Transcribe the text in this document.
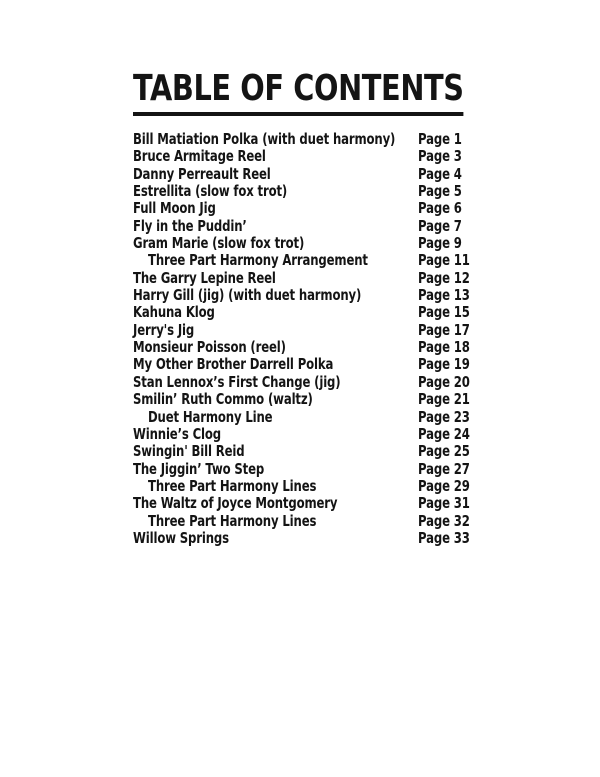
TABLE OF CONTENTS
Bill Matiation Polka (with duet harmony) Page 1
Bruce Armitage Reel	Page 3
Danny Perreault Reel	Page 4
Estrellita (slow fox trot)	Page 5
Full Moon Jig	Page 6
Fly in the Puddin’	Page 7
Gram Marie (slow fox trot)	Page 9
Three Part Harmony Arrangement	Page 11
The Garry Lepine Reel	Page 12
Harry Gill (jig) (with duet harmony)	Page 13
Kahuna Klog	Page 15
Jerry's Jig	Page 17
Monsieur Poisson (reel)	Page 18
My Other Brother Darrell Polka	Page 19
Stan Lennox’s First Change (jig)	Page 20
Smilin’ Ruth Commo (waltz)	Page 21
Duet Harmony Line	Page 23
Winnie’s Clog	Page 24
Swingin' Bill Reid	Page 25
The Jiggin’ Two Step	Page 27
Three Part Harmony Lines	Page 29
The Waltz of Joyce Montgomery	Page 31
Three Part Harmony Lines	Page 32
Willow Springs	Page 33
